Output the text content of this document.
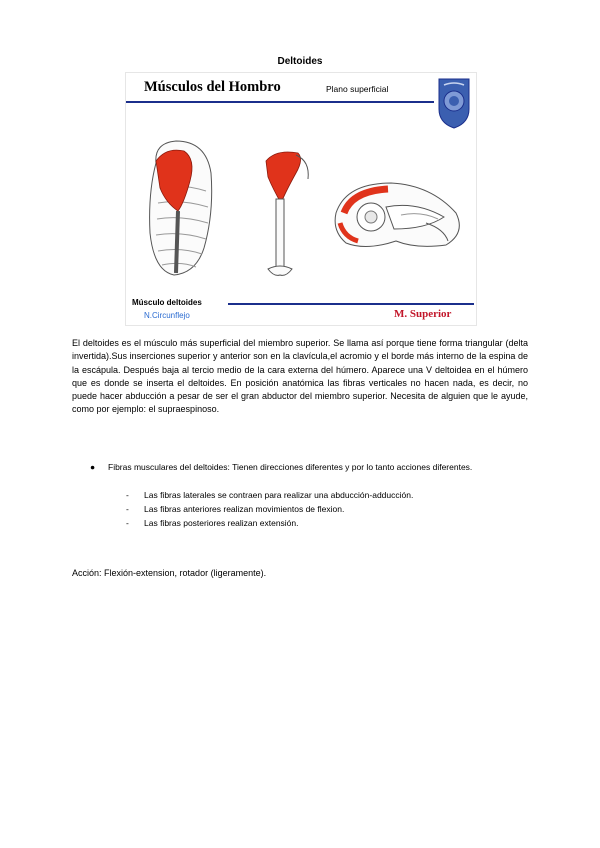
Deltoides
Músculos del Hombro	Plano superficial
Músculo deltoides
N.Circunflejo	M. Superior

El deltoides es el músculo más superficial del miembro superior. Se llama así porque tiene forma triangular (delta invertida).Sus inserciones superior y anterior son en la clavícula,el acromio y el borde más interno de la espina de la escápula. Después baja al tercio medio de la cara externa del húmero. Aparece una V deltoidea en el húmero que es donde se inserta el deltoides. En posición anatómica las fibras verticales no hacen nada, es decir, no puede hacer abducción a pesar de ser el gran abductor del miembro superior. Necesita de alguien que le ayude, como por ejemplo: el supraespinoso.

● Fibras musculares del deltoides: Tienen direcciones diferentes y por lo tanto acciones diferentes.
- Las fibras laterales se contraen para realizar una abducción-adducción.
- Las fibras anteriores realizan movimientos de flexion.
- Las fibras posteriores realizan extensión.
Acción: Flexión-extension, rotador (ligeramente).
